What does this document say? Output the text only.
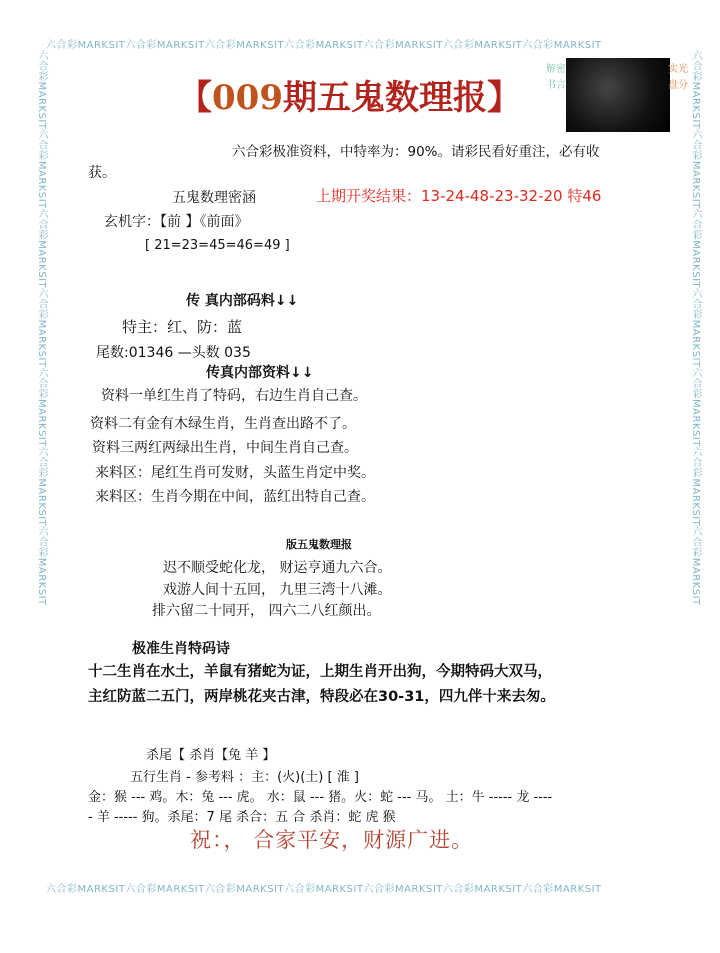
六合彩MARKSIT六合彩MARKSIT六合彩MARKSIT六合彩MARKSIT六合彩MARKSIT六合彩MARKSIT六合彩MARKSIT
六合彩MARKSIT六合彩MARKSIT六合彩MARKSIT六合彩MARKSIT六合彩MARKSIT六合彩MARKSIT六合彩MARKSIT
六合彩MARKSIT六合彩MARKSIT六合彩MARKSIT六合彩MARKSIT六合彩MARKSIT六合彩MARKSIT六合彩MARKSIT	六合彩MARKSIT六合彩MARKSIT六合彩MARKSIT六合彩MARKSIT六合彩MARKSIT六合彩MARKSIT六合彩MARKSIT
【009期五鬼数理报】
解密书言
实光盘分
六合彩极准资料，中特率为：90%。请彩民看好重注，必有收
获。
五鬼数理密涵	上期开奖结果：13-24-48-23-32-20 特46
玄机字：【前 】《前面》
[ 21=23=45=46=49 ]
传 真内部码料↓↓
特主：红、防：蓝
尾数:01346 —头数 035
传真内部资料↓↓
资料一单红生肖了特码，右边生肖自己查。
资料二有金有木绿生肖，生肖查出路不了。
资料三两红两绿出生肖，中间生肖自己查。
来料区：尾红生肖可发财，头蓝生肖定中奖。
来料区：生肖今期在中间，蓝红出特自己查。
版五鬼数理报
迟不顺受蛇化龙， 财运亨通九六合。
戏游人间十五回， 九里三湾十八滩。
排六留二十同开， 四六二八红颜出。
极准生肖特码诗
十二生肖在水土，羊鼠有猪蛇为证，上期生肖开出狗，今期特码大双马，
主红防蓝二五门，两岸桃花夹古津，特段必在30-31，四九伴十来去匆。
杀尾【 杀肖【兔 羊 】
五行生肖 - 参考料 ：主：(火)(土) [ 淮 ]
金：猴 --- 鸡。木：兔 --- 虎。 水：鼠 --- 猪。火：蛇 --- 马。 土：牛 ----- 龙 ----
- 羊 ----- 狗。杀尾：7 尾 杀合：五 合 杀肖：蛇 虎 猴
祝：， 合家平安，财源广进。
